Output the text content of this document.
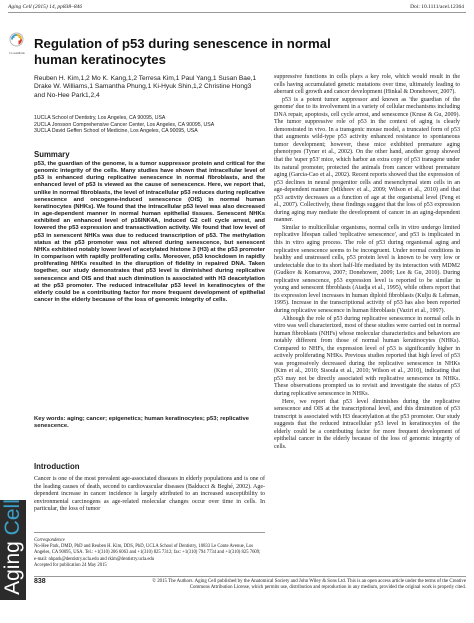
Aging Cell (2015) 14, pp838–846	Doi: 10.1111/acel.12364
CrossMark
Regulation of p53 during senescence in normal human keratinocytes
Reuben H. Kim,1,2 Mo K. Kang,1,2 Terresa Kim,1 Paul Yang,1 Susan Bae,1 Drake W. Williams,1 Samantha Phung,1 Ki-Hyuk Shin,1,2 Christine Hong3 and No-Hee Park1,2,4
1UCLA School of Dentistry, Los Angeles, CA 90095, USA
2UCLA Jonsson Comprehensive Cancer Center, Los Angeles, CA 90095, USA
3UCLA David Geffen School of Medicine, Los Angeles, CA 90095, USA
Summary
p53, the guardian of the genome, is a tumor suppressor protein and critical for the genomic integrity of the cells. Many studies have shown that intracellular level of p53 is enhanced during replicative senescence in normal fibroblasts, and the enhanced level of p53 is viewed as the cause of senescence. Here, we report that, unlike in normal fibroblasts, the level of intracellular p53 reduces during replicative senescence and oncogene-induced senescence (OIS) in normal human keratinocytes (NHKs). We found that the intracellular p53 level was also decreased in age-dependent manner in normal human epithelial tissues. Senescent NHKs exhibited an enhanced level of p16INK4A, induced G2 cell cycle arrest, and lowered the p53 expression and transactivation activity. We found that low level of p53 in senescent NHKs was due to reduced transcription of p53. The methylation status at the p53 promoter was not altered during senescence, but senescent NHKs exhibited notably lower level of acetylated histone 3 (H3) at the p53 promoter in comparison with rapidly proliferating cells. Moreover, p53 knockdown in rapidly proliferating NHKs resulted in the disruption of fidelity in repaired DNA. Taken together, our study demonstrates that p53 level is diminished during replicative senescence and OIS and that such diminution is associated with H3 deacetylation at the p53 promoter. The reduced intracellular p53 level in keratinocytes of the elderly could be a contributing factor for more frequent development of epithelial cancer in the elderly because of the loss of genomic integrity of cells.
Key words: aging; cancer; epigenetics; human keratinocytes; p53; replicative senescence.
Introduction
Cancer is one of the most prevalent age-associated diseases in elderly populations and is one of the leading causes of death, second to cardiovascular diseases (Balducci & Beghé, 2002). Age-dependent increase in cancer incidence is largely attributed to an increased susceptibility to environmental carcinogens as age-related molecular changes occur over time in cells. In particular, the loss of tumor
Correspondence
No-Hee Park, DMD, PhD and Reuben H. Kim, DDS, PhD, UCLA School of Dentistry, 10833 Le Conte Avenue, Los Angeles, CA 90095, USA. Tel.: +1(310) 206 6063 and +1(310) 825 7312; fax: +1(310) 794 7734 and +1(310) 825 7609; e-mail: nhpark@dentistry.ucla.edu and rkim@dentistry.ucla.edu
Accepted for publication 24 May 2015

suppressive functions in cells plays a key role, which would result in the cells having accumulated genetic mutations over time, ultimately leading to aberrant cell growth and cancer development (Hinkal & Donehower, 2007).

p53 is a potent tumor suppressor and known as 'the guardian of the genome' due to its involvement in a variety of cellular mechanisms including DNA repair, apoptosis, cell cycle arrest, and senescence (Kruse & Gu, 2009). The tumor suppressive role of p53 in the context of aging is clearly demonstrated in vivo. In a transgenic mouse model, a truncated form of p53 that augments wild-type p53 activity enhanced resistance to spontaneous tumor development; however, these mice exhibited premature aging phenotypes (Tyner et al., 2002). On the other hand, another group showed that the 'super p53' mice, which harbor an extra copy of p53 transgene under its natural promoter, protected the animals from cancer without premature aging (Garcia-Cao et al., 2002). Recent reports showed that the expression of p53 declines in neural progenitor cells and mesenchymal stem cells in an age-dependent manner (Mikheev et al., 2009; Wilson et al., 2010) and that p53 activity decreases as a function of age at the organismal level (Feng et al., 2007). Collectively, these findings suggest that the loss of p53 expression during aging may mediate the development of cancer in an aging-dependent manner.

Similar to multicellular organisms, normal cells in vitro undergo limited replicative lifespan called 'replicative senescence', and p53 is implicated in this in vitro aging process. The role of p53 during organismal aging and replicative senescence seems to be incongruent. Under normal conditions in healthy and unstressed cells, p53 protein level is known to be very low or undetectable due to its short half-life mediated by its interaction with MDM2 (Gudkov & Komarova, 2007; Donehower, 2009; Lee & Gu, 2010). During replicative senescence, p53 expression level is reported to be similar in young and senescent fibroblasts (Atadja et al., 1995), while others report that its expression level increases in human diploid fibroblasts (Kulju & Lehman, 1995). Increase in the transcriptional activity of p53 has also been reported during replicative senescence in human fibroblasts (Vaziri et al., 1997).

Although the role of p53 during replicative senescence in normal cells in vitro was well characterized, most of these studies were carried out in normal human fibroblasts (NHFs) whose molecular characteristics and behaviors are notably different from those of normal human keratinocytes (NHKs). Compared to NHFs, the expression level of p53 is significantly higher in actively proliferating NHKs. Previous studies reported that high level of p53 was progressively decreased during the replicative senescence in NHKs (Kim et al., 2010; Sisoula et al., 2010; Wilson et al., 2010), indicating that p53 may not be directly associated with replicative senescence in NHKs. These observations prompted us to revisit and investigate the status of p53 during replicative senescence in NHKs.

Here, we report that p53 level diminishes during the replicative senescence and OIS at the transcriptional level, and this diminution of p53 transcript is associated with H3 deacetylation at the p53 promoter. Our study suggests that the reduced intracellular p53 level in keratinocytes of the elderly could be a contributing factor for more frequent development of epithelial cancer in the elderly because of the loss of genomic integrity of cells.

Aging Cell
838	© 2015 The Authors. Aging Cell published by the Anatomical Society and John Wiley & Sons Ltd. This is an open access article under the terms of the Creative Commons Attribution License, which permits use, distribution and reproduction in any medium, provided the original work is properly cited.
